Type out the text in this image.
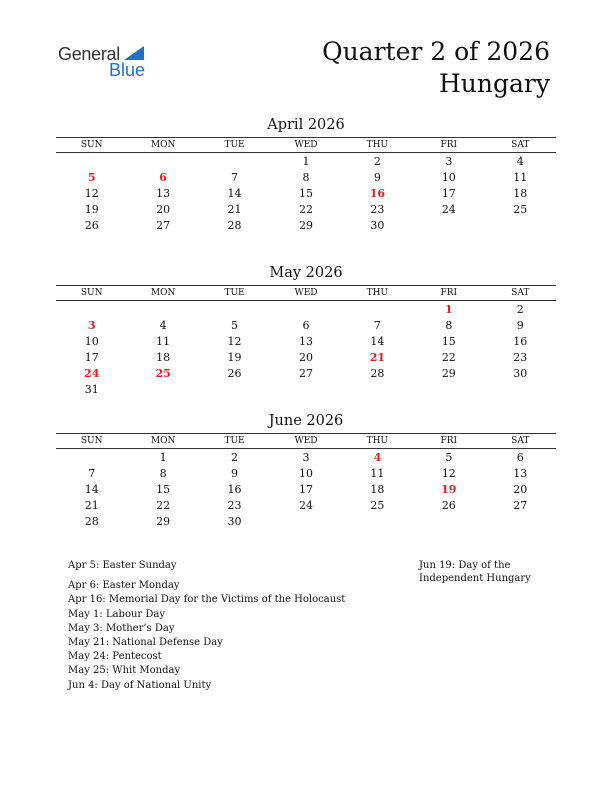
General
Blue
Quarter 2 of 2026
Hungary
April 2026
SUN	MON	TUE	WED	THU	FRI	SAT
			1	2	3	4
5	6	7	8	9	10	11
12	13	14	15	16	17	18
19	20	21	22	23	24	25
26	27	28	29	30		
May 2026
SUN	MON	TUE	WED	THU	FRI	SAT
					1	2
3	4	5	6	7	8	9
10	11	12	13	14	15	16
17	18	19	20	21	22	23
24	25	26	27	28	29	30
31						
June 2026
SUN	MON	TUE	WED	THU	FRI	SAT
	1	2	3	4	5	6
7	8	9	10	11	12	13
14	15	16	17	18	19	20
21	22	23	24	25	26	27
28	29	30				
Apr 5: Easter Sunday
Apr 6: Easter Monday
Apr 16: Memorial Day for the Victims of the Holocaust
May 1: Labour Day
May 3: Mother’s Day
May 21: National Defense Day
May 24: Pentecost
May 25: Whit Monday
Jun 4: Day of National Unity
Jun 19: Day of the
Independent Hungary
